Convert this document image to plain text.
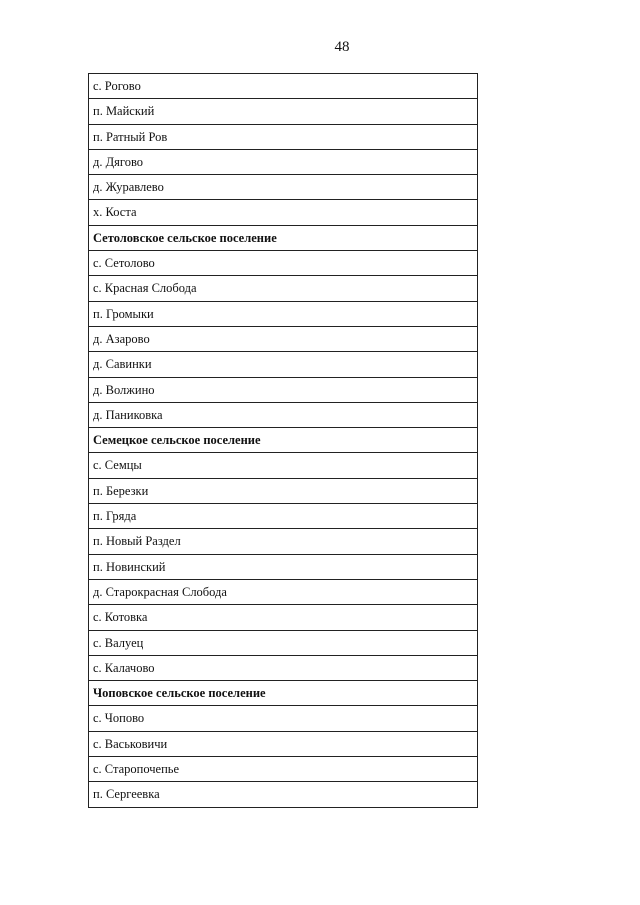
48
с. Рогово
п. Майский
п. Ратный Ров
д. Дягово
д. Журавлево
х. Коста
Сетоловское сельское поселение
с. Сетолово
с. Красная Слобода
п. Громыки
д. Азарово
д. Савинки
д. Волжино
д. Паниковка
Семецкое сельское поселение
с. Семцы
п. Березки
п. Гряда
п. Новый Раздел
п. Новинский
д. Старокрасная Слобода
с. Котовка
с. Валуец
с. Калачово
Чоповское сельское поселение
с. Чопово
с. Васьковичи
с. Старопочепье
п. Сергеевка
